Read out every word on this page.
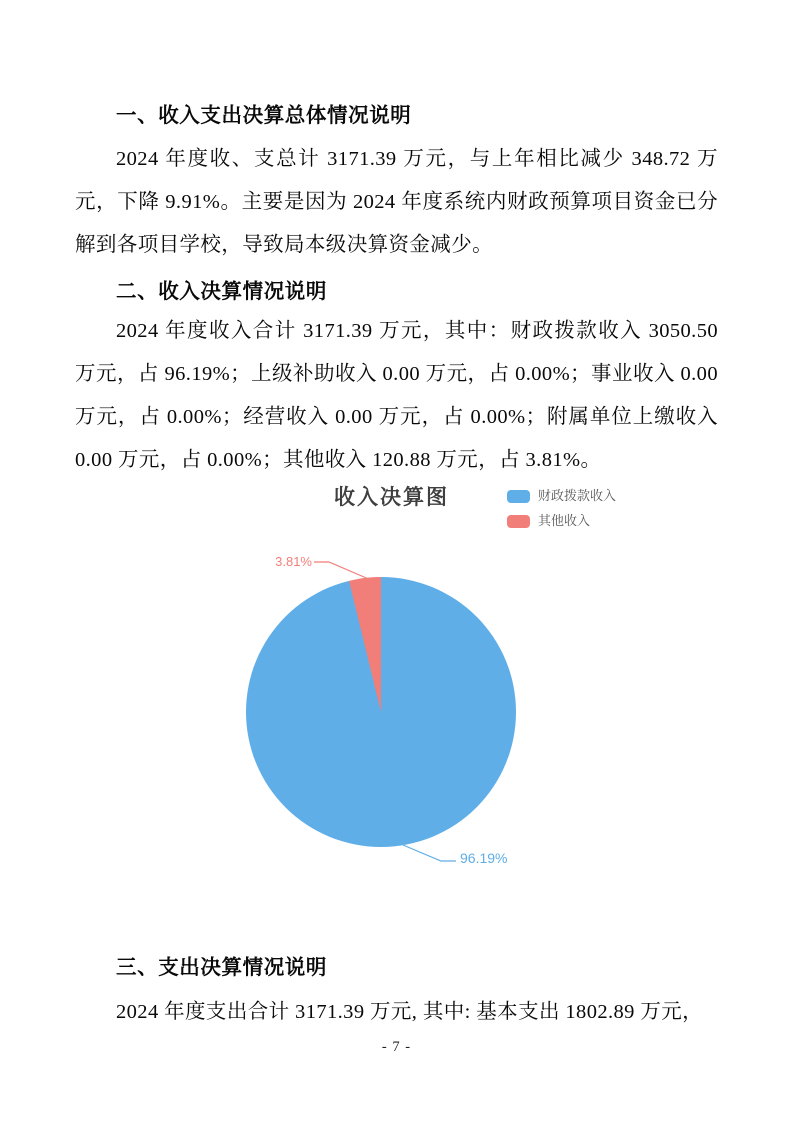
一、收入支出决算总体情况说明
2024 年度收、支总计 3171.39 万元，与上年相比减少 348.72 万元，下降 9.91%。主要是因为 2024 年度系统内财政预算项目资金已分解到各项目学校，导致局本级决算资金减少。
二、收入决算情况说明
2024 年度收入合计 3171.39 万元，其中：财政拨款收入 3050.50 万元，占 96.19%；上级补助收入 0.00 万元，占 0.00%；事业收入 0.00 万元，占 0.00%；经营收入 0.00 万元，占 0.00%；附属单位上缴收入 0.00 万元，占 0.00%；其他收入 120.88 万元，占 3.81%。
收入决算图	财政拨款收入
其他收入
3.81%
96.19%
三、支出决算情况说明
2024 年度支出合计 3171.39 万元, 其中: 基本支出 1802.89 万元，
- 7 -
